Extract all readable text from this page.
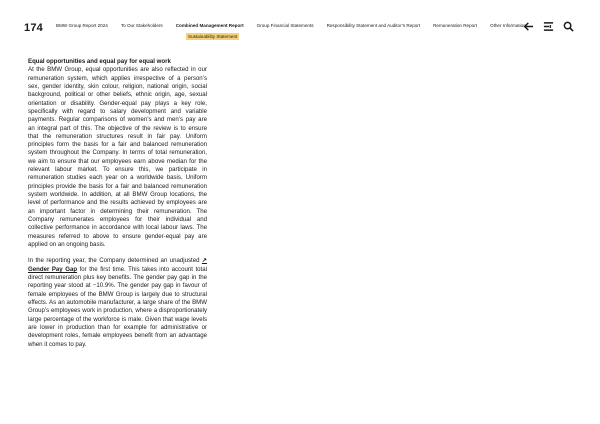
174	BMW Group Report 2024	To Our Stakeholders	Combined Management Report	Group Financial Statements	Responsibility Statement and Auditor’s Report	Remuneration Report	Other Information
Sustainability Statement
Equal opportunities and equal pay for equal work

At the BMW Group, equal opportunities are also reflected in our remuneration system, which applies irrespective of a person’s sex, gender identity, skin colour, religion, national origin, social background, political or other beliefs, ethnic origin, age, sexual orientation or disability. Gender-equal pay plays a key role, specifically with regard to salary development and variable payments. Regular comparisons of women’s and men’s pay are an integral part of this. The objective of the review is to ensure that the remuneration structures result in fair pay. Uniform principles form the basis for a fair and balanced remuneration system throughout the Company. In terms of total remuneration, we aim to ensure that our employees earn above median for the relevant labour market. To ensure this, we participate in remuneration studies each year on a worldwide basis. Uniform principles provide the basis for a fair and balanced remuneration system worldwide. In addition, at all BMW Group locations, the level of performance and the results achieved by employees are an important factor in determining their remuneration. The Company remunerates employees for their individual and collective performance in accordance with local labour laws. The measures referred to above to ensure gender-equal pay are applied on an ongoing basis.

In the reporting year, the Company determined an unadjusted ↗ Gender Pay Gap for the first time. This takes into account total direct remuneration plus key benefits. The gender pay gap in the reporting year stood at −10.9%. The gender pay gap in favour of female employees of the BMW Group is largely due to structural effects. As an automobile manufacturer, a large share of the BMW Group’s employees work in production, where a disproportionately large percentage of the workforce is male. Given that wage levels are lower in production than for example for administrative or development roles, female employees benefit from an advantage when it comes to pay.
